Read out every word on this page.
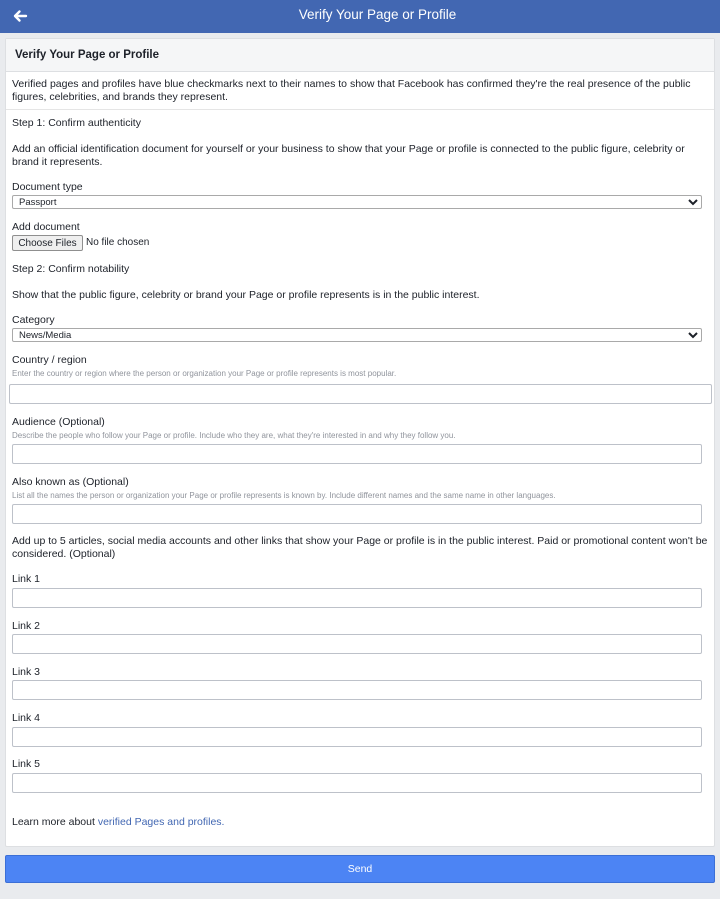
Verify Your Page or Profile
Verify Your Page or Profile
Verified pages and profiles have blue checkmarks next to their names to show that Facebook has confirmed they're the real presence of the public figures, celebrities, and brands they represent.
Step 1: Confirm authenticity
Add an official identification document for yourself or your business to show that your Page or profile is connected to the public figure, celebrity or brand it represents.
Document type
Passport
Add document
Choose Files No file chosen
Step 2: Confirm notability
Show that the public figure, celebrity or brand your Page or profile represents is in the public interest.
Category
News/Media
Country / region
Enter the country or region where the person or organization your Page or profile represents is most popular.
Audience (Optional)
Describe the people who follow your Page or profile. Include who they are, what they're interested in and why they follow you.
Also known as (Optional)
List all the names the person or organization your Page or profile represents is known by. Include different names and the same name in other languages.
Add up to 5 articles, social media accounts and other links that show your Page or profile is in the public interest. Paid or promotional content won't be considered. (Optional)
Link 1
Link 2
Link 3
Link 4
Link 5
Learn more about verified Pages and profiles.
Send
